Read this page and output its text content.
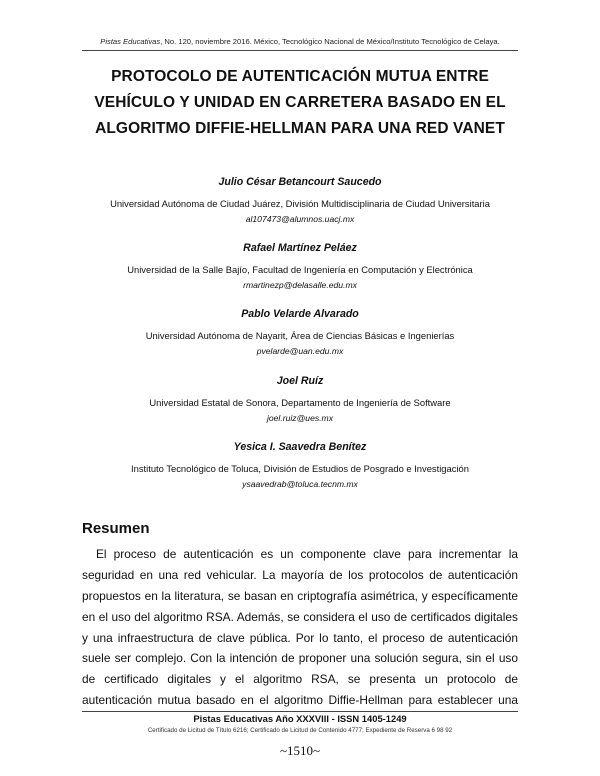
Pistas Educativas, No. 120, noviembre 2016. México, Tecnológico Nacional de México/Instituto Tecnológico de Celaya.
PROTOCOLO DE AUTENTICACIÓN MUTUA ENTRE
VEHÍCULO Y UNIDAD EN CARRETERA BASADO EN EL
ALGORITMO DIFFIE-HELLMAN PARA UNA RED VANET
Julio César Betancourt Saucedo
Universidad Autónoma de Ciudad Juárez, División Multidisciplinaria de Ciudad Universitaria
al107473@alumnos.uacj.mx
Rafael Martínez Peláez
Universidad de la Salle Bajío, Facultad de Ingeniería en Computación y Electrónica
rmartinezp@delasalle.edu.mx
Pablo Velarde Alvarado
Universidad Autónoma de Nayarit, Área de Ciencias Básicas e Ingenierías
pvelarde@uan.edu.mx
Joel Ruíz
Universidad Estatal de Sonora, Departamento de Ingeniería de Software
joel.ruiz@ues.mx
Yesica I. Saavedra Benítez
Instituto Tecnológico de Toluca, División de Estudios de Posgrado e Investigación
ysaavedrab@toluca.tecnm.mx
Resumen
El proceso de autenticación es un componente clave para incrementar la
seguridad en una red vehicular. La mayoría de los protocolos de autenticación
propuestos en la literatura, se basan en criptografía asimétrica, y específicamente
en el uso del algoritmo RSA. Además, se considera el uso de certificados digitales
y una infraestructura de clave pública. Por lo tanto, el proceso de autenticación
suele ser complejo. Con la intención de proponer una solución segura, sin el uso
de certificado digitales y el algoritmo RSA, se presenta un protocolo de
autenticación mutua basado en el algoritmo Diffie-Hellman para establecer una
Pistas Educativas Año XXXVIII - ISSN 1405-1249
Certificado de Licitud de Título 6216; Certificado de Licitud de Contenido 4777; Expediente de Reserva 6 98 92
~1510~
